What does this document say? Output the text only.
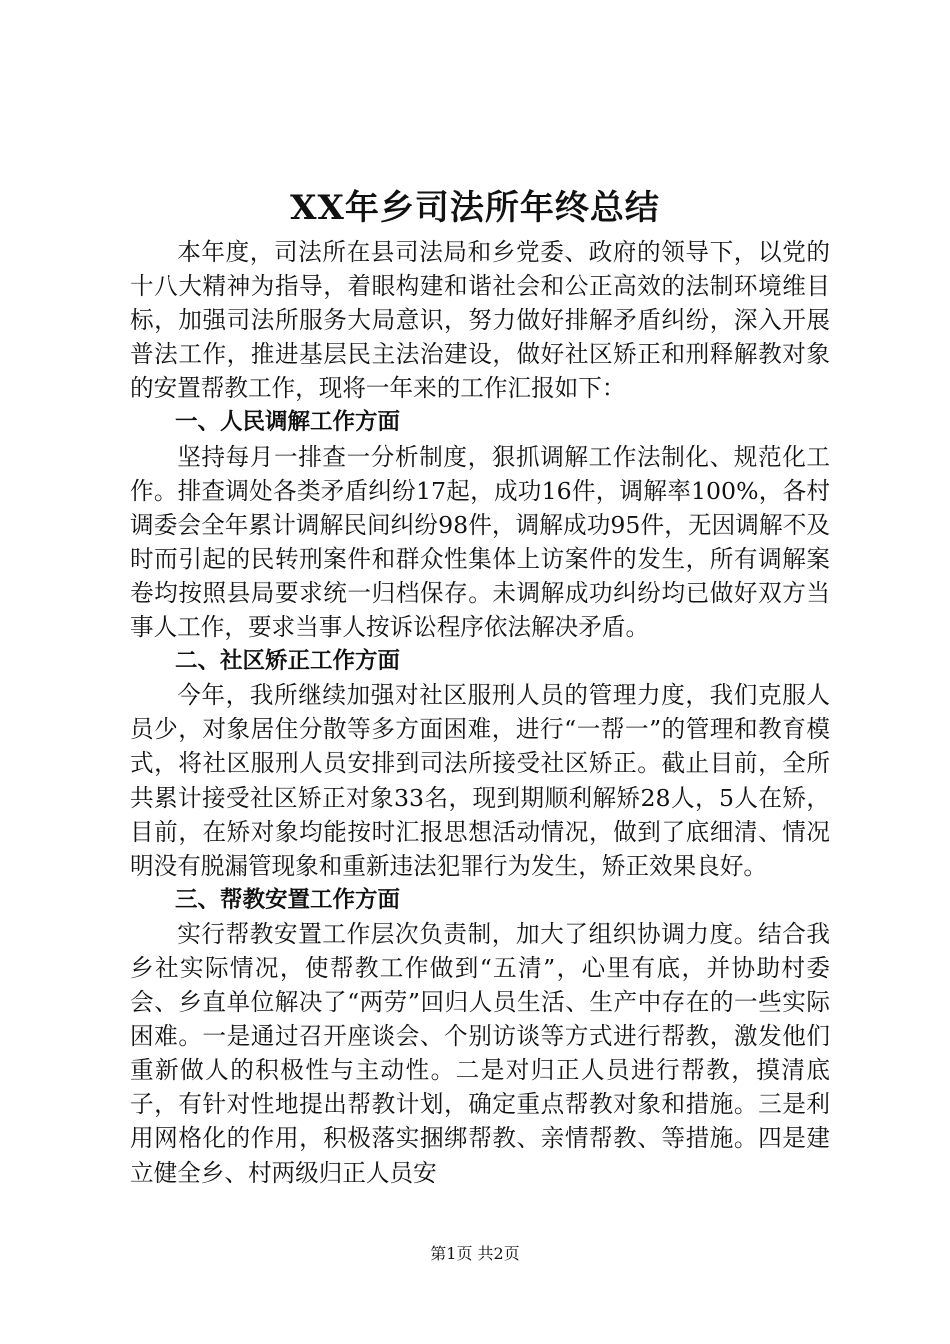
XX年乡司法所年终总结

本年度，司法所在县司法局和乡党委、政府的领导下，以党的十八大精神为指导，着眼构建和谐社会和公正高效的法制环境维目标，加强司法所服务大局意识，努力做好排解矛盾纠纷，深入开展普法工作，推进基层民主法治建设，做好社区矫正和刑释解教对象的安置帮教工作，现将一年来的工作汇报如下：

一、人民调解工作方面

坚持每月一排查一分析制度，狠抓调解工作法制化、规范化工作。排查调处各类矛盾纠纷17起，成功16件，调解率100%，各村调委会全年累计调解民间纠纷98件，调解成功95件，无因调解不及时而引起的民转刑案件和群众性集体上访案件的发生，所有调解案卷均按照县局要求统一归档保存。未调解成功纠纷均已做好双方当事人工作，要求当事人按诉讼程序依法解决矛盾。

二、社区矫正工作方面

今年，我所继续加强对社区服刑人员的管理力度，我们克服人员少，对象居住分散等多方面困难，进行“一帮一”的管理和教育模式，将社区服刑人员安排到司法所接受社区矫正。截止目前，全所共累计接受社区矫正对象33名，现到期顺利解矫28人，5人在矫，目前，在矫对象均能按时汇报思想活动情况，做到了底细清、情况明没有脱漏管现象和重新违法犯罪行为发生，矫正效果良好。

三、帮教安置工作方面

实行帮教安置工作层次负责制，加大了组织协调力度。结合我乡社实际情况，使帮教工作做到“五清”，心里有底，并协助村委会、乡直单位解决了“两劳”回归人员生活、生产中存在的一些实际困难。一是通过召开座谈会、个别访谈等方式进行帮教，激发他们重新做人的积极性与主动性。二是对归正人员进行帮教，摸清底子，有针对性地提出帮教计划，确定重点帮教对象和措施。三是利用网格化的作用，积极落实捆绑帮教、亲情帮教、等措施。四是建立健全乡、村两级归正人员安

第1页 共2页
